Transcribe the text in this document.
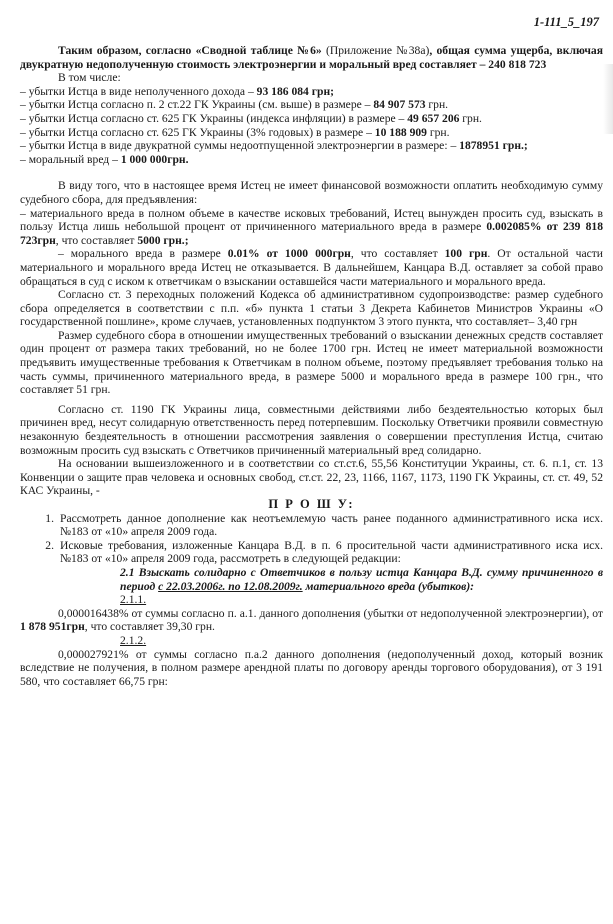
1-111_5_197

Таким образом, согласно «Сводной таблице №6» (Приложение №38а), общая сумма ущерба, включая двукратную недополученную стоимость электроэнергии и моральный вред составляет – 240 818 723

В том числе:

– убытки Истца в виде неполученного дохода – 93 186 084 грн;

– убытки Истца согласно п. 2 ст.22 ГК Украины (см. выше) в размере – 84 907 573 грн.

– убытки Истца согласно ст. 625 ГК Украины (индекса инфляции) в размере – 49 657 206 грн.

– убытки Истца согласно ст. 625 ГК Украины (3% годовых) в размере – 10 188 909 грн.

– убытки Истца в виде двукратной суммы недоотпущенной электроэнергии в размере: – 1878951 грн.;

– моральный вред – 1 000 000грн.

В виду того, что в настоящее время Истец не имеет финансовой возможности оплатить необходимую сумму судебного сбора, для предъявления:

– материального вреда в полном объеме в качестве исковых требований, Истец вынужден просить суд, взыскать в пользу Истца лишь небольшой процент от причиненного материального вреда в размере 0.002085% от 239 818 723грн, что составляет 5000 грн.;

– морального вреда в размере 0.01% от 1000 000грн, что составляет 100 грн. От остальной части материального и морального вреда Истец не отказывается. В дальнейшем, Канцара В.Д. оставляет за собой право обращаться в суд с иском к ответчикам о взыскании оставшейся части материального и морального вреда.

Согласно ст. 3 переходных положений Кодекса об административном судопроизводстве: размер судебного сбора определяется в соответствии с п.п. «б» пункта 1 статьи 3 Декрета Кабинетов Министров Украины «О государственной пошлине», кроме случаев, установленных подпунктом 3 этого пункта, что составляет– 3,40 грн

Размер судебного сбора в отношении имущественных требований о взыскании денежных средств составляет один процент от размера таких требований, но не более 1700 грн. Истец не имеет материальной возможности предъявить имущественные требования к Ответчикам в полном объеме, поэтому предъявляет требования только на часть суммы, причиненного материального вреда, в размере 5000 и морального вреда в размере 100 грн., что составляет 51 грн.

Согласно ст. 1190 ГК Украины лица, совместными действиями либо бездеятельностью которых был причинен вред, несут солидарную ответственность перед потерпевшим. Поскольку Ответчики проявили совместную незаконную бездеятельность в отношении рассмотрения заявления о совершении преступления Истца, считаю возможным просить суд взыскать с Ответчиков причиненный материальный вред солидарно.

На основании вышеизложенного и в соответствии со ст.ст.6, 55,56 Конституции Украины, ст. 6. п.1, ст. 13 Конвенции о защите прав человека и основных свобод, ст.ст. 22, 23, 1166, 1167, 1173, 1190 ГК Украины, ст. ст. 49, 52 КАС Украины, -

П Р О Ш У:

1. Рассмотреть данное дополнение как неотъемлемую часть ранее поданного административного иска исх. №183 от «10» апреля 2009 года.
2. Исковые требования, изложенные Канцара В.Д. в п. 6 просительной части административного иска исх. №183 от «10» апреля 2009 года, рассмотреть в следующей редакции:

2.1 Взыскать солидарно с Ответчиков в пользу истца Канцара В.Д. сумму причиненного в период с 22.03.2006г. по 12.08.2009г. материального вреда (убытков):

2.1.1.

0,000016438% от суммы согласно п. а.1. данного дополнения (убытки от недополученной электроэнергии), от 1 878 951грн, что составляет 39,30 грн.

2.1.2.

0,000027921% от суммы согласно п.а.2 данного дополнения (недополученный доход, который возник вследствие не получения, в полном размере арендной платы по договору аренды торгового оборудования), от 3 191 580, что составляет 66,75 грн:
